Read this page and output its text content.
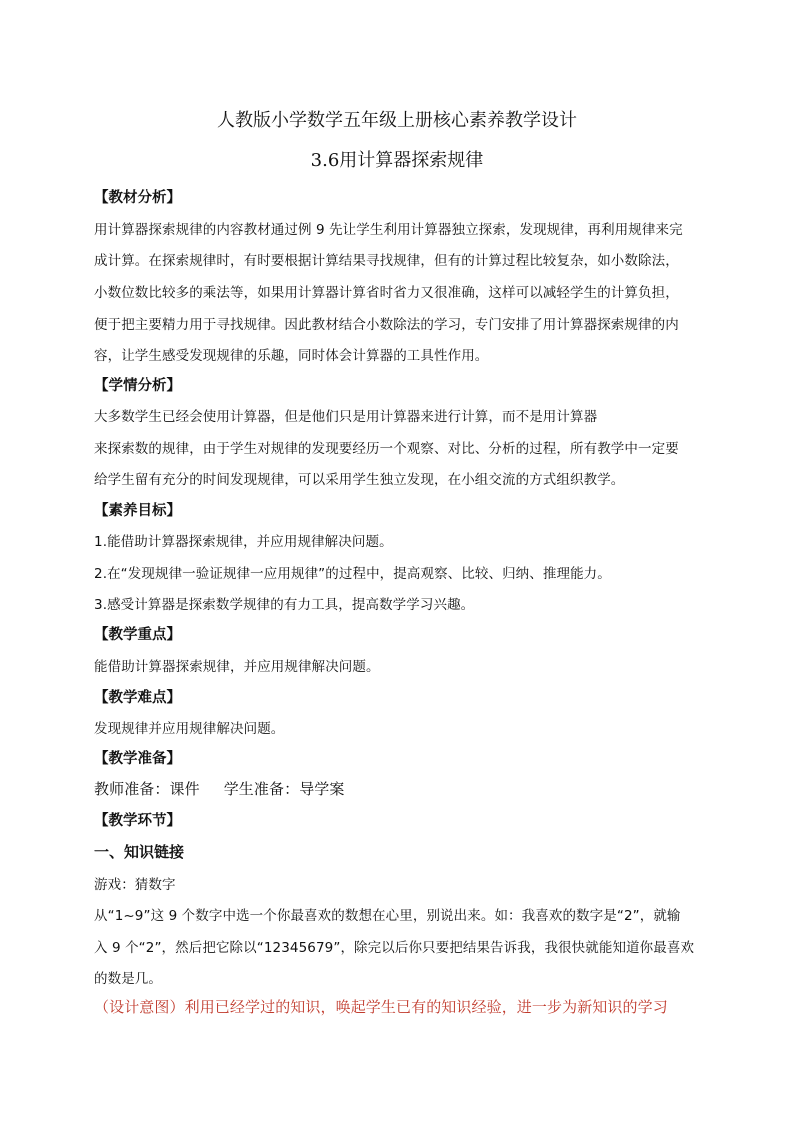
人教版小学数学五年级上册核心素养教学设计
3.6用计算器探索规律
【教材分析】
用计算器探索规律的内容教材通过例 9 先让学生利用计算器独立探索，发现规律，再利用规律来完
成计算。在探索规律时，有时要根据计算结果寻找规律，但有的计算过程比较复杂，如小数除法，
小数位数比较多的乘法等，如果用计算器计算省时省力又很准确，这样可以减轻学生的计算负担，
便于把主要精力用于寻找规律。因此教材结合小数除法的学习，专门安排了用计算器探索规律的内
容，让学生感受发现规律的乐趣，同时体会计算器的工具性作用。
【学情分析】
大多数学生已经会使用计算器，但是他们只是用计算器来进行计算，而不是用计算器
来探索数的规律，由于学生对规律的发现要经历一个观察、对比、分析的过程，所有教学中一定要
给学生留有充分的时间发现规律，可以采用学生独立发现，在小组交流的方式组织教学。
【素养目标】
1.能借助计算器探索规律，并应用规律解决问题。
2.在“发现规律一验证规律一应用规律”的过程中，提高观察、比较、归纳、推理能力。
3.感受计算器是探索数学规律的有力工具，提高数学学习兴趣。
【教学重点】
能借助计算器探索规律，并应用规律解决问题。
【教学难点】
发现规律并应用规律解决问题。
【教学准备】
教师准备：课件 学生准备：导学案
【教学环节】
一、知识链接
游戏：猜数字
从“1~9”这 9 个数字中选一个你最喜欢的数想在心里，别说出来。如：我喜欢的数字是“2”，就输
入 9 个“2”，然后把它除以“12345679”，除完以后你只要把结果告诉我，我很快就能知道你最喜欢
的数是几。
（设计意图）利用已经学过的知识，唤起学生已有的知识经验，进一步为新知识的学习
